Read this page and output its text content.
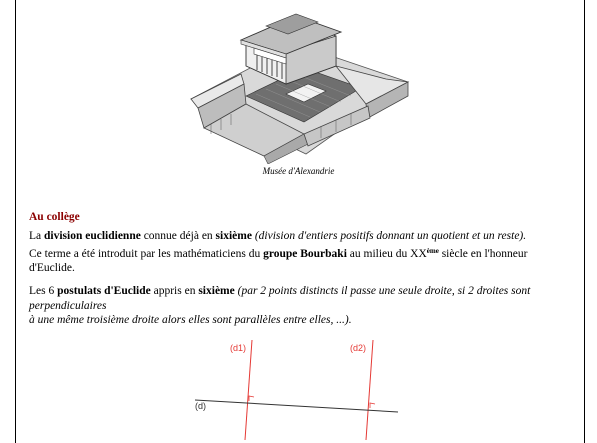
Musée d'Alexandrie
Au collège
La division euclidienne connue déjà en sixième (division d'entiers positifs donnant un quotient et un reste).
Ce terme a été introduit par les mathématiciens du groupe Bourbaki au milieu du XXème siècle en l'honneur
d'Euclide.
Les 6 postulats d'Euclide appris en sixième (par 2 points distincts il passe une seule droite, si 2 droites sont
perpendiculaires
à une même troisième droite alors elles sont parallèles entre elles, ...).
(d1)	(d2)
(d)
